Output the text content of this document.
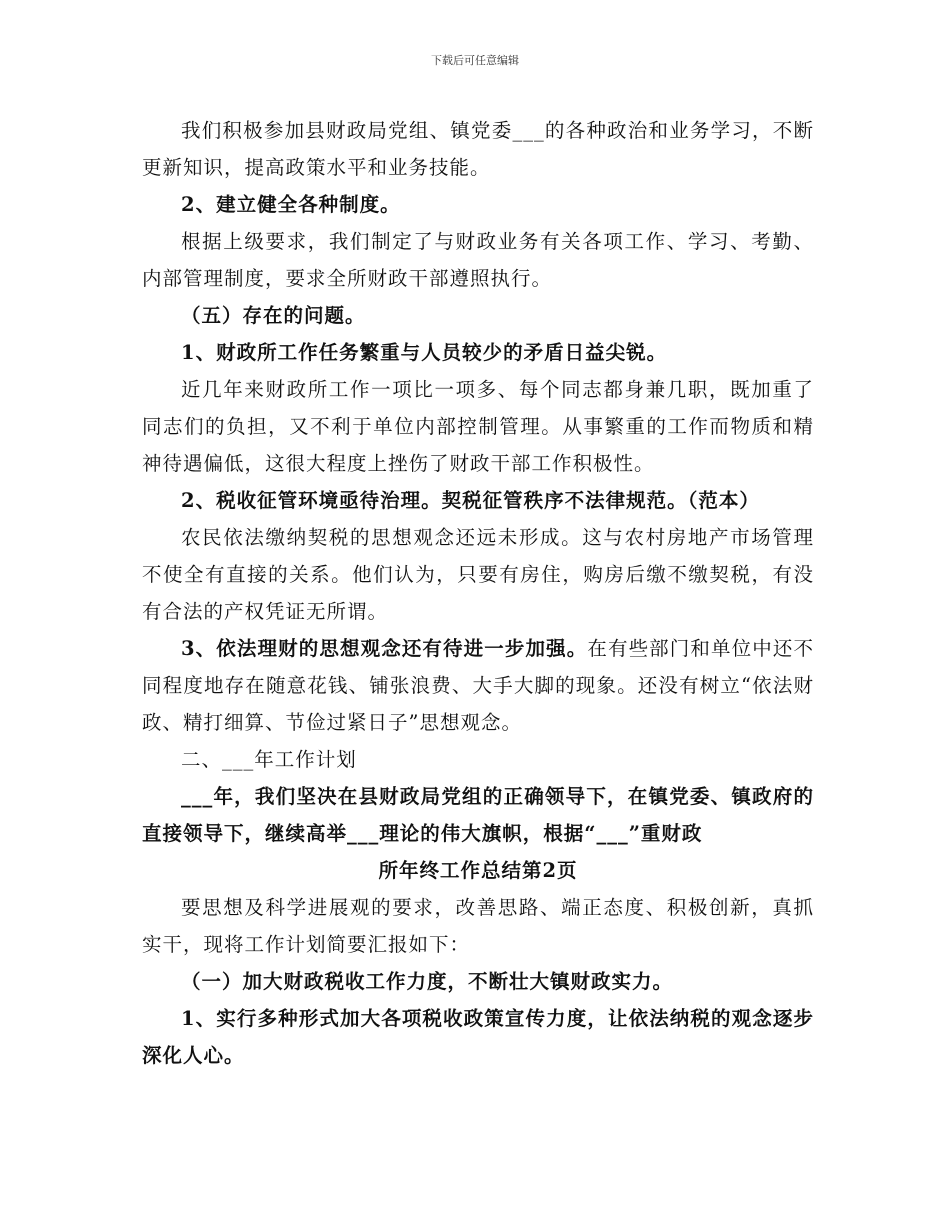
下载后可任意编辑

我们积极参加县财政局党组、镇党委___的各种政治和业务学习，不断更新知识，提高政策水平和业务技能。

2、建立健全各种制度。

根据上级要求，我们制定了与财政业务有关各项工作、学习、考勤、内部管理制度，要求全所财政干部遵照执行。

（五）存在的问题。

1、财政所工作任务繁重与人员较少的矛盾日益尖锐。

近几年来财政所工作一项比一项多、每个同志都身兼几职，既加重了同志们的负担，又不利于单位内部控制管理。从事繁重的工作而物质和精神待遇偏低，这很大程度上挫伤了财政干部工作积极性。

2、税收征管环境亟待治理。契税征管秩序不法律规范。（范本）

农民依法缴纳契税的思想观念还远未形成。这与农村房地产市场管理不使全有直接的关系。他们认为，只要有房住，购房后缴不缴契税，有没有合法的产权凭证无所谓。

3、依法理财的思想观念还有待进一步加强。在有些部门和单位中还不同程度地存在随意花钱、铺张浪费、大手大脚的现象。还没有树立“依法财政、精打细算、节俭过紧日子”思想观念。

二、___年工作计划

___年，我们坚决在县财政局党组的正确领导下，在镇党委、镇政府的直接领导下，继续高举___理论的伟大旗帜，根据“___”重财政

所年终工作总结第2页

要思想及科学进展观的要求，改善思路、端正态度、积极创新，真抓实干，现将工作计划简要汇报如下：

（一）加大财政税收工作力度，不断壮大镇财政实力。

1、实行多种形式加大各项税收政策宣传力度，让依法纳税的观念逐步深化人心。
